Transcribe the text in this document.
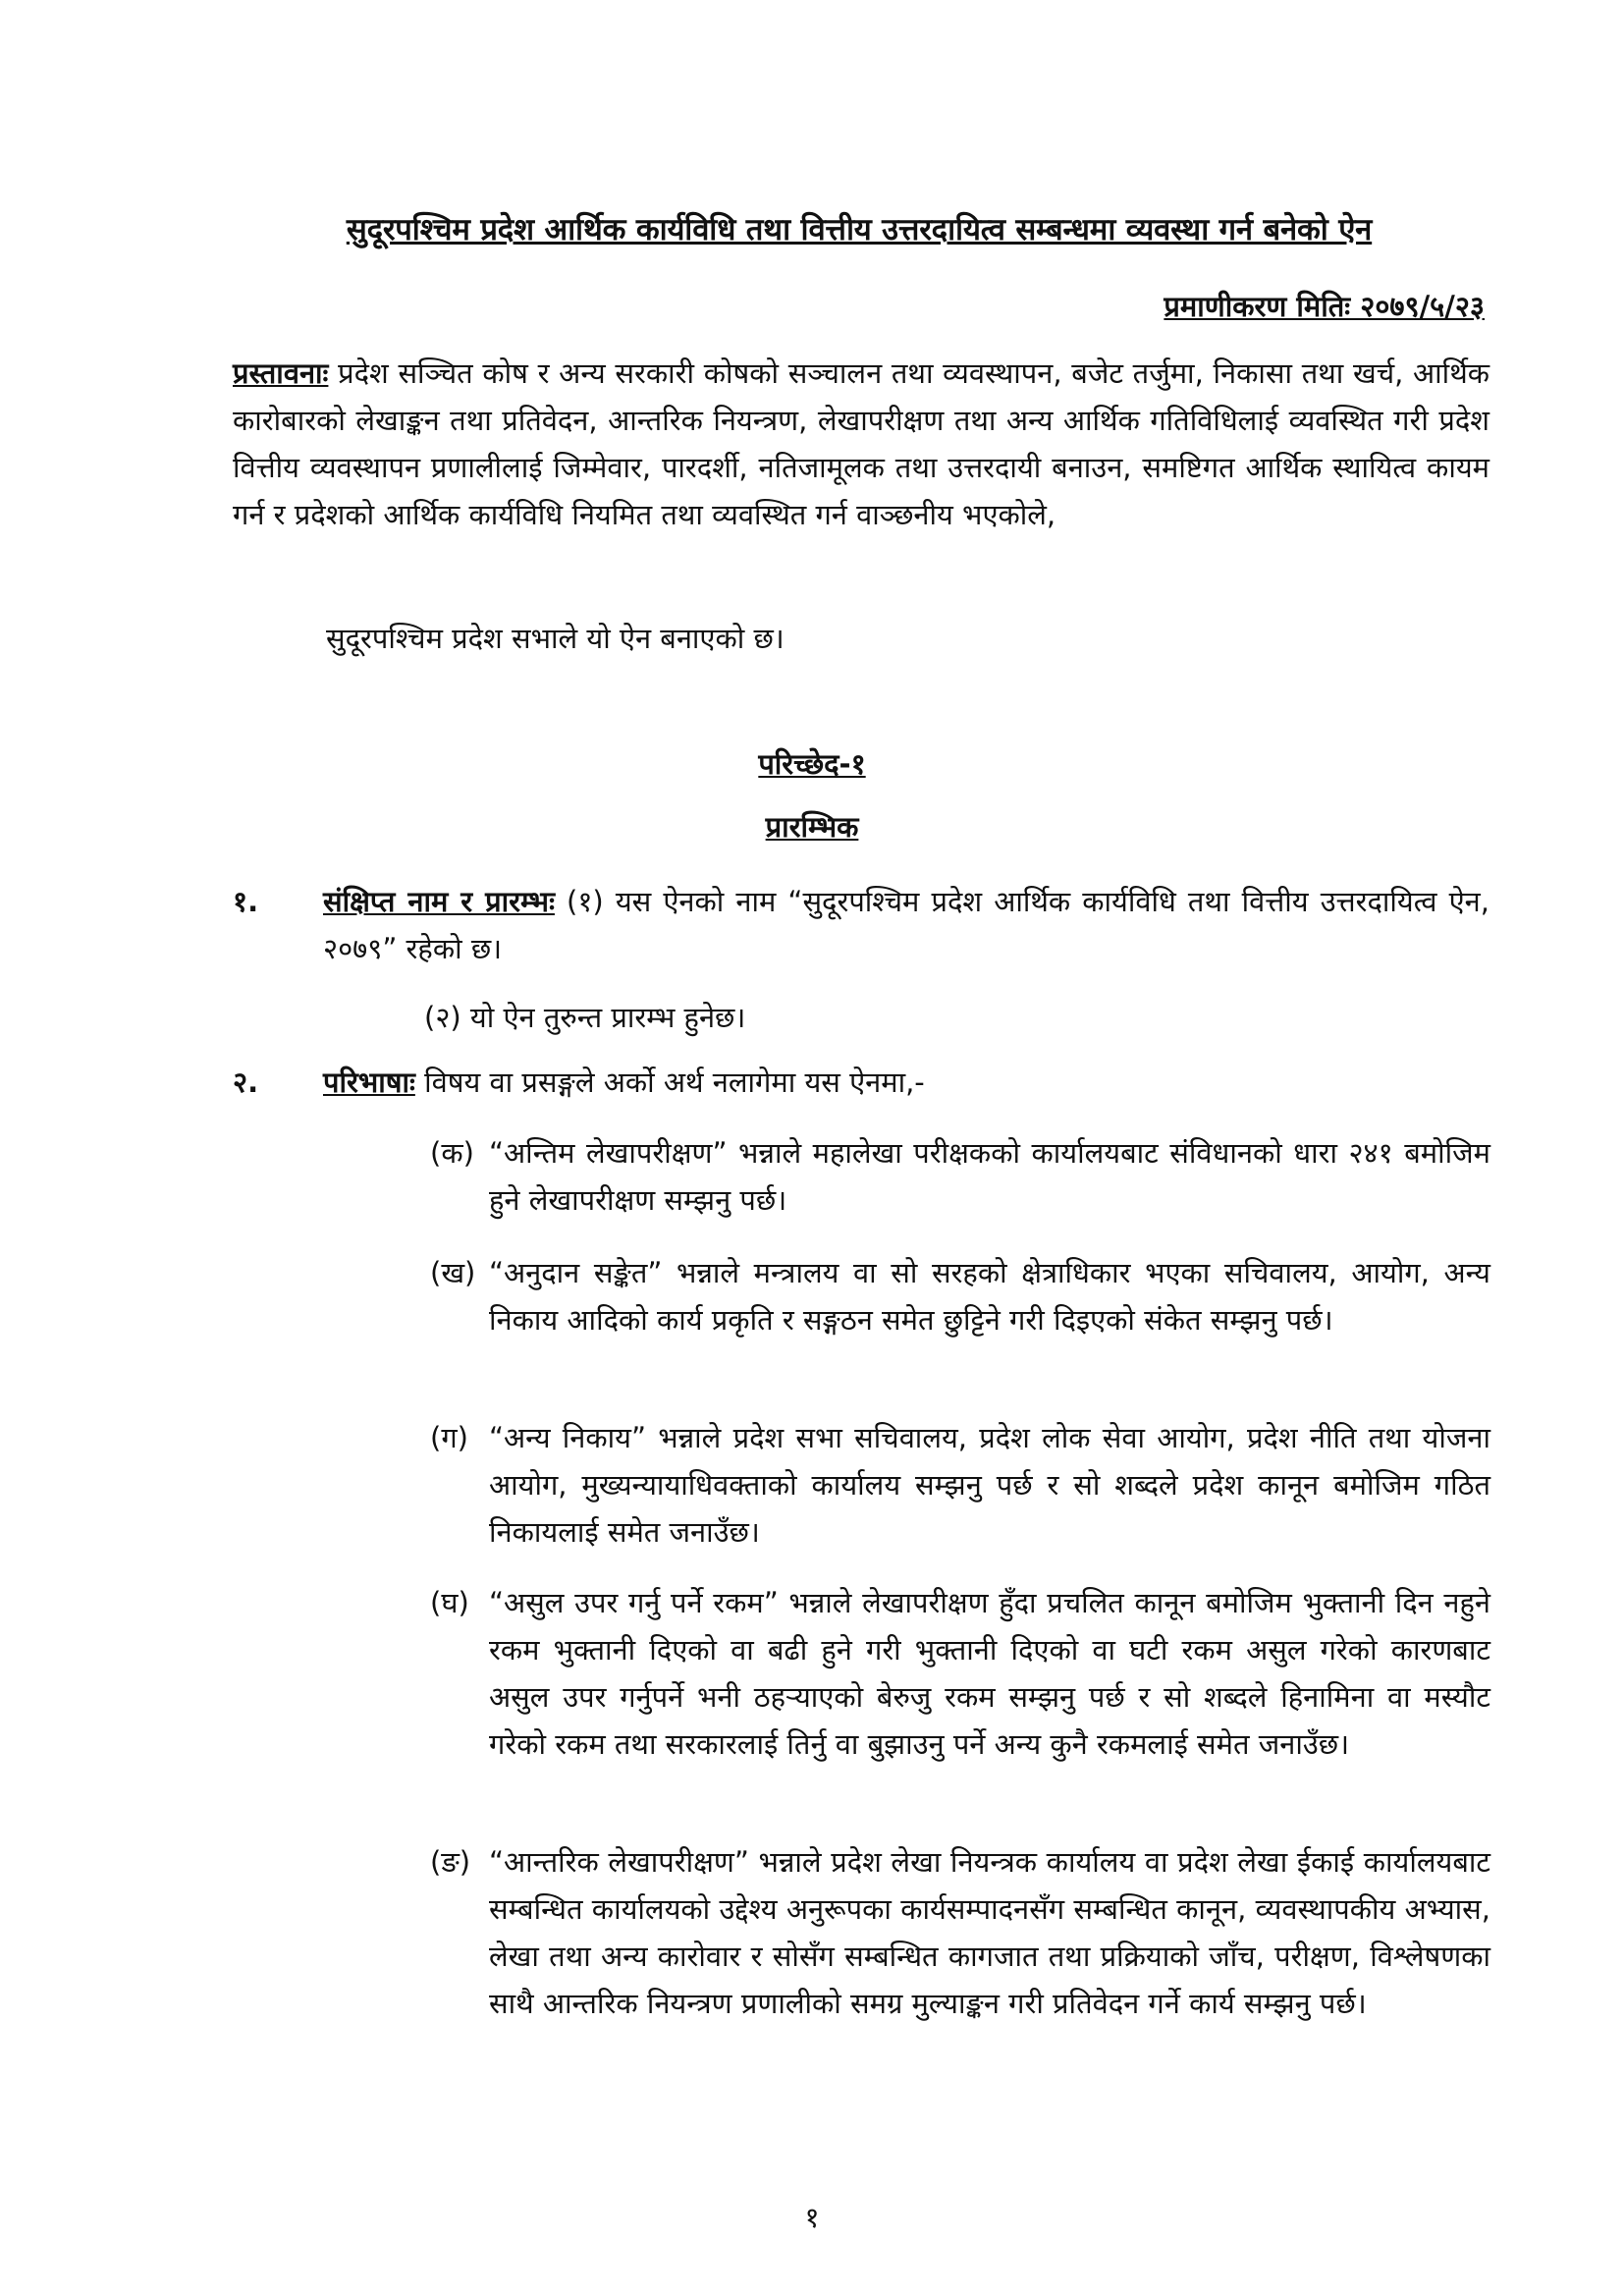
सुदूरपश्चिम प्रदेश आर्थिक कार्यविधि तथा वित्तीय उत्तरदायित्व सम्बन्धमा व्यवस्था गर्न बनेको ऐन
प्रमाणीकरण मितिः २०७९/५/२३
प्रस्तावनाः प्रदेश सञ्चित कोष र अन्य सरकारी कोषको सञ्चालन तथा व्यवस्थापन, बजेट तर्जुमा, निकासा तथा खर्च, आर्थिक कारोबारको लेखाङ्कन तथा प्रतिवेदन, आन्तरिक नियन्त्रण, लेखापरीक्षण तथा अन्य आर्थिक गतिविधिलाई व्यवस्थित गरी प्रदेश वित्तीय व्यवस्थापन प्रणालीलाई जिम्मेवार, पारदर्शी, नतिजामूलक तथा उत्तरदायी बनाउन, समष्टिगत आर्थिक स्थायित्व कायम गर्न र प्रदेशको आर्थिक कार्यविधि नियमित तथा व्यवस्थित गर्न वाञ्छनीय भएकोले,
सुदूरपश्चिम प्रदेश सभाले यो ऐन बनाएको छ।
परिच्छेद-१
प्रारम्भिक
१. संक्षिप्त नाम र प्रारम्भः (१) यस ऐनको नाम “सुदूरपश्चिम प्रदेश आर्थिक कार्यविधि तथा वित्तीय उत्तरदायित्व ऐन, २०७९” रहेको छ।
(२) यो ऐन तुरुन्त प्रारम्भ हुनेछ।
२. परिभाषाः विषय वा प्रसङ्गले अर्को अर्थ नलागेमा यस ऐनमा,-
(क) “अन्तिम लेखापरीक्षण” भन्नाले महालेखा परीक्षकको कार्यालयबाट संविधानको धारा २४१ बमोजिम हुने लेखापरीक्षण सम्झनु पर्छ।
(ख) “अनुदान सङ्केत” भन्नाले मन्त्रालय वा सो सरहको क्षेत्राधिकार भएका सचिवालय, आयोग, अन्य निकाय आदिको कार्य प्रकृति र सङ्गठन समेत छुट्टिने गरी दिइएको संकेत सम्झनु पर्छ।
(ग) “अन्य निकाय” भन्नाले प्रदेश सभा सचिवालय, प्रदेश लोक सेवा आयोग, प्रदेश नीति तथा योजना आयोग, मुख्यन्यायाधिवक्ताको कार्यालय सम्झनु पर्छ र सो शब्दले प्रदेश कानून बमोजिम गठित निकायलाई समेत जनाउँछ।
(घ) “असुल उपर गर्नु पर्ने रकम” भन्नाले लेखापरीक्षण हुँदा प्रचलित कानून बमोजिम भुक्तानी दिन नहुने रकम भुक्तानी दिएको वा बढी हुने गरी भुक्तानी दिएको वा घटी रकम असुल गरेको कारणबाट असुल उपर गर्नुपर्ने भनी ठहऱ्याएको बेरुजु रकम सम्झनु पर्छ र सो शब्दले हिनामिना वा मस्यौट गरेको रकम तथा सरकारलाई तिर्नु वा बुझाउनु पर्ने अन्य कुनै रकमलाई समेत जनाउँछ।
(ङ) “आन्तरिक लेखापरीक्षण” भन्नाले प्रदेश लेखा नियन्त्रक कार्यालय वा प्रदेश लेखा ईकाई कार्यालयबाट सम्बन्धित कार्यालयको उद्देश्य अनुरूपका कार्यसम्पादनसँग सम्बन्धित कानून, व्यवस्थापकीय अभ्यास, लेखा तथा अन्य कारोवार र सोसँग सम्बन्धित कागजात तथा प्रक्रियाको जाँच, परीक्षण, विश्लेषणका साथै आन्तरिक नियन्त्रण प्रणालीको समग्र मुल्याङ्कन गरी प्रतिवेदन गर्ने कार्य सम्झनु पर्छ।
१
